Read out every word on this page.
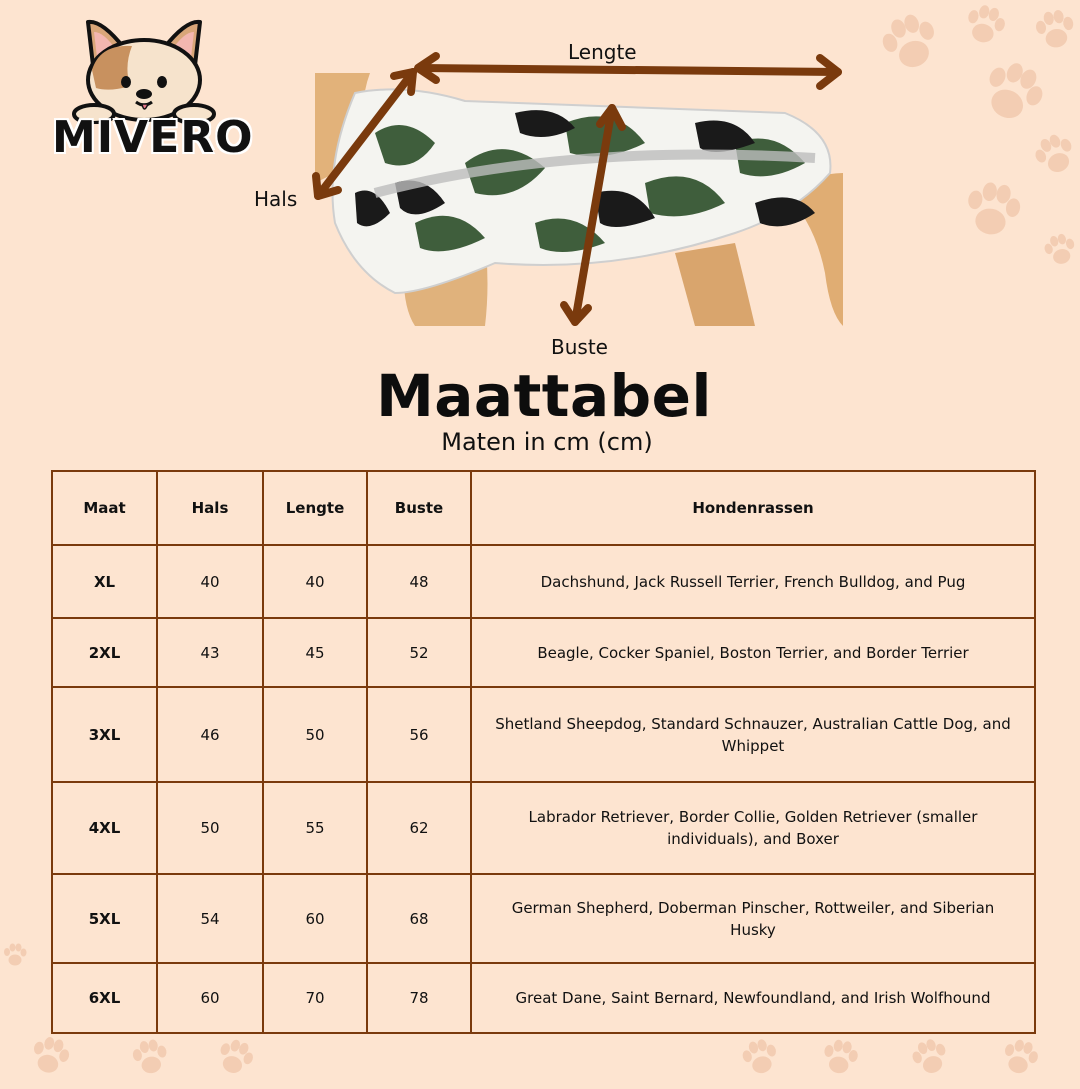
MIVERO
Lengte
Hals
Buste
Maattabel
Maten in cm (cm)
Maat	Hals	Lengte	Buste	Hondenrassen
XL	40	40	48	Dachshund, Jack Russell Terrier, French Bulldog, and Pug
2XL	43	45	52	Beagle, Cocker Spaniel, Boston Terrier, and Border Terrier
3XL	46	50	56	Shetland Sheepdog, Standard Schnauzer, Australian Cattle Dog, and Whippet
4XL	50	55	62	Labrador Retriever, Border Collie, Golden Retriever (smaller individuals), and Boxer
5XL	54	60	68	German Shepherd, Doberman Pinscher, Rottweiler, and Siberian Husky
6XL	60	70	78	Great Dane, Saint Bernard, Newfoundland, and Irish Wolfhound
